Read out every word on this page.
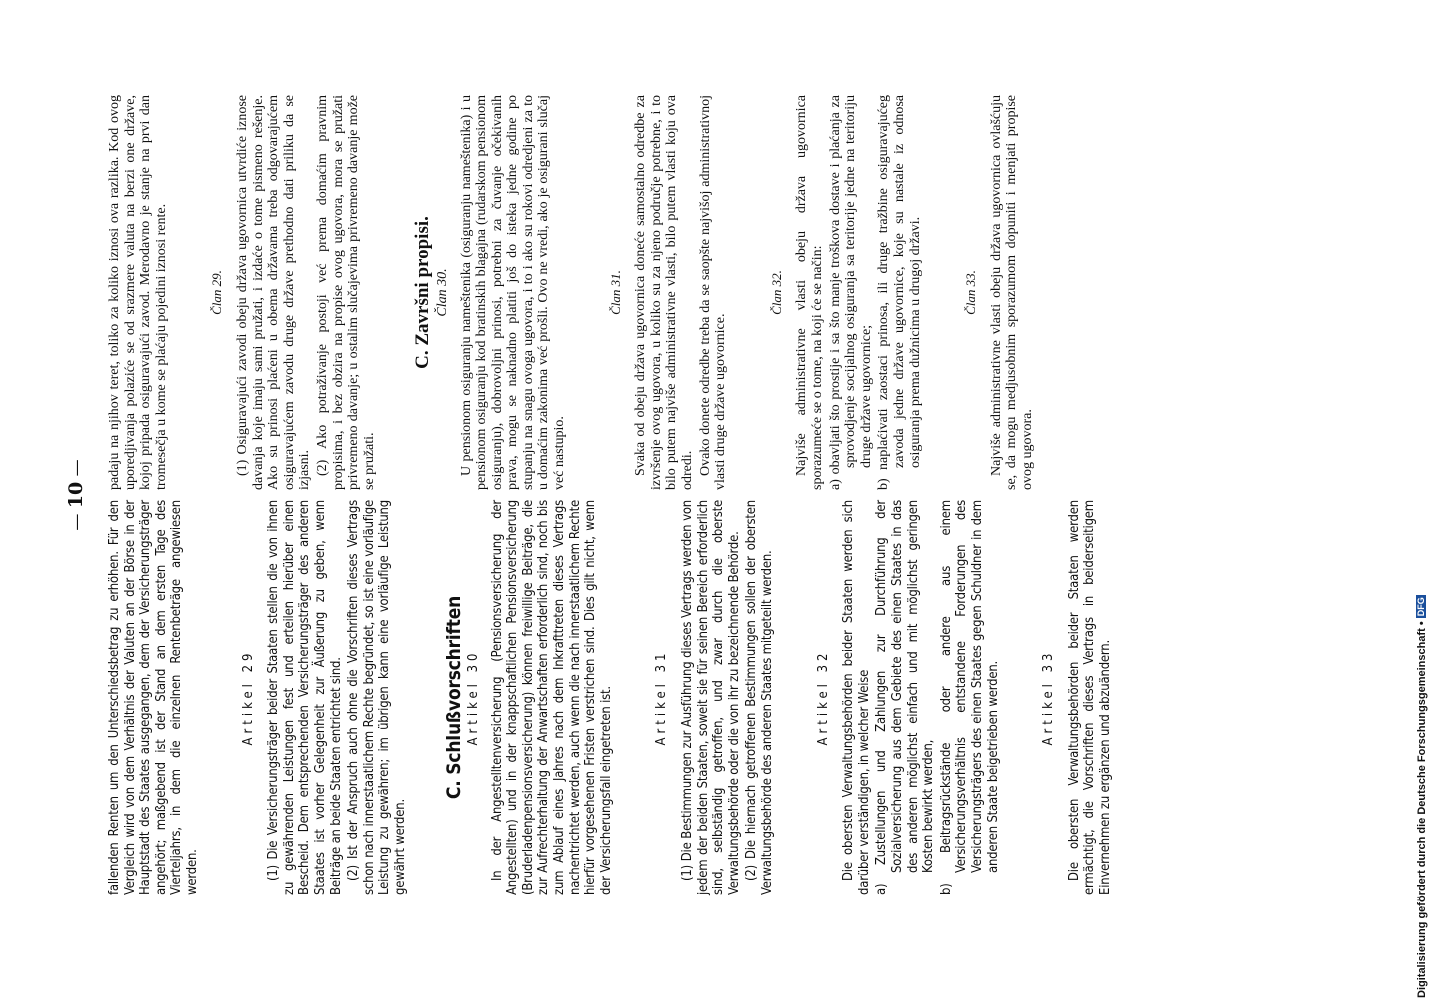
— 10 —

fallenden Renten um den Unterschiedsbetrag zu erhöhen. Für den Vergleich wird von dem Verhältnis der Valuten an der Börse in der Hauptstadt des Staates ausgegangen, dem der Versicherungsträger angehört; maßgebend ist der Stand an dem ersten Tage des Vierteljahrs, in dem die einzelnen Rentenbeträge angewiesen werden.

Artikel 29 (1) Die Versicherungsträger beider Staaten stellen die von ihnen zu gewährenden Leistungen fest und erteilen hierüber einen Bescheid. Dem entsprechenden Versicherungsträger des anderen Staates ist vorher Gelegenheit zur Äußerung zu geben, wenn Beiträge an beide Staaten entrichtet sind. (2) Ist der Anspruch auch ohne die Vorschriften dieses Vertrags schon nach innerstaatlichem Rechte begründet, so ist eine vorläufige Leistung zu gewähren; im übrigen kann eine vorläufige Leistung gewährt werden.

C. Schlußvorschriften Artikel 30 In der Angestelltenversicherung (Pensionsversicherung der Angestellten) und in der knappschaftlichen Pensionsversicherung (Bruderladenpensionsversicherung) können freiwillige Beiträge, die zur Aufrechterhaltung der Anwartschaften erforderlich sind, noch bis zum Ablauf eines Jahres nach dem Inkrafttreten dieses Vertrags nachentrichtet werden, auch wenn die nach innerstaatlichem Rechte hierfür vorgesehenen Fristen verstrichen sind. Dies gilt nicht, wenn der Versicherungsfall eingetreten ist.	Artikel 31 (1) Die Bestimmungen zur Ausführung dieses Vertrags werden von jedem der beiden Staaten, soweit sie für seinen Bereich erforderlich sind, selbständig getroffen, und zwar durch die oberste Verwaltungsbehörde oder die von ihr zu bezeichnende Behörde. (2) Die hiernach getroffenen Bestimmungen sollen der obersten Verwaltungsbehörde des anderen Staates mitgeteilt werden.	Artikel 32 Die obersten Verwaltungsbehörden beider Staaten werden sich darüber verständigen, in welcher Weise a) Zustellungen und Zahlungen zur Durchführung der Sozialversicherung aus dem Gebiete des einen Staates in das des anderen möglichst einfach und mit möglichst geringen Kosten bewirkt werden, b) Beitragsrückstände oder andere aus einem Versicherungsverhältnis entstandene Forderungen des Versicherungsträgers des einen Staates gegen Schuldner in dem anderen Staate beigetrieben werden.	Artikel 33 Die obersten Verwaltungsbehörden beider Staaten werden ermächtigt, die Vorschriften dieses Vertrags in beiderseitigem Einvernehmen zu ergänzen und abzuändern.

padaju na njihov teret, toliko za koliko iznosi ova razlika. Kod ovog uporedjivanja polaziće se od srazmere valuta na berzi one države, kojoj pripada osiguravajući zavod. Merodavno je stanje na prvi dan tromesečja u kome se plaćaju pojedini iznosi rente.	Član 29. (1) Osiguravajući zavodi obeju država ugovornica utvrdiće iznose davanja koje imaju sami pružati, i izdaće o tome pismeno rešenje. Ako su prinosi plaćeni u obema državama treba odgovarajućem osiguravajućem zavodu druge države prethodno dati priliku da se izjasni. (2) Ako potraživanje postoji već prema domaćim pravnim propisima, i bez obzira na propise ovog ugovora, mora se pružati privremeno davanje; u ostalim slučajevima privremeno davanje može se pružati.

C. Završni propisi. Član 30. U pensionom osiguranju nameštenika (osiguranju nameštenika) i u pensionom osiguranju kod bratinskih blagajna (rudarskom pensionom osiguranju), dobrovoljni prinosi, potrebni za čuvanje očekivanih prava, mogu se naknadno platiti još do isteka jedne godine po stupanju na snagu ovoga ugovora, i to i ako su rokovi odredjeni za to u domaćim zakonima već prošli. Ovo ne vredi, ako je osigurani slučaj već nastupio.

Član 31. Svaka od obeju država ugovornica doneće samostalno odredbe za izvršenje ovog ugovora, u koliko su za njeno područje potrebne, i to bilo putem najviše administrativne vlasti, bilo putem vlasti koju ova odredi. Ovako donete odredbe treba da se saopšte najvišoj administrativnoj vlasti druge države ugovornice.

Član 32. Najviše administrativne vlasti obeju država ugovornica sporazumeće se o tome, na koji će se način: a) obavljati što prostije i sa što manje troškova dostave i plaćanja za sprovodjenje socijalnog osiguranja sa teritorije jedne na teritoriju druge države ugovornice; b) naplaćivati zaostaci prinosa, ili druge tražbine osiguravajućeg zavoda jedne države ugovornice, koje su nastale iz odnosa osiguranja prema dužnicima u drugoj državi.	Član 33. Najviše administrativne vlasti obeju država ugovornica ovlašćuju se, da mogu medjusobnim sporazumom dopuniti i menjati propise ovog ugovora.

Digitalisierung gefördert durch die Deutsche Forschungsgemeinschaft •DFG
